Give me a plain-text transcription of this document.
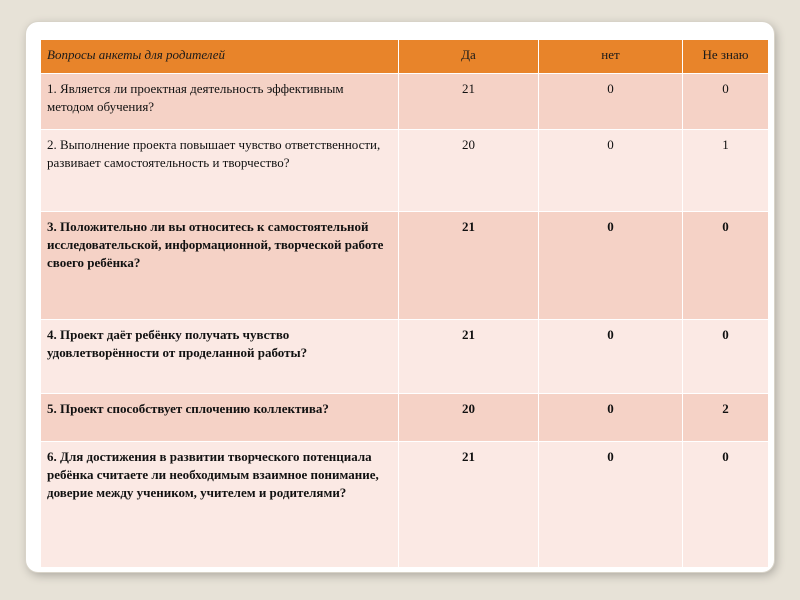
Вопросы анкеты для родителей	Да	нет	Не знаю
1. Является ли проектная деятельность эффективным методом обучения?	21	0	0
2. Выполнение проекта повышает чувство ответственности, развивает самостоятельность и творчество?	20	0	1
3. Положительно ли вы относитесь к самостоятельной исследовательской, информационной, творческой работе своего ребёнка?	21	0	0
4. Проект даёт ребёнку получать чувство удовлетворённости от проделанной работы?	21	0	0
5. Проект способствует сплочению коллектива?	20	0	2
6. Для достижения в развитии творческого потенциала ребёнка считаете ли необходимым взаимное понимание, доверие между учеником, учителем и родителями?	21	0	0
